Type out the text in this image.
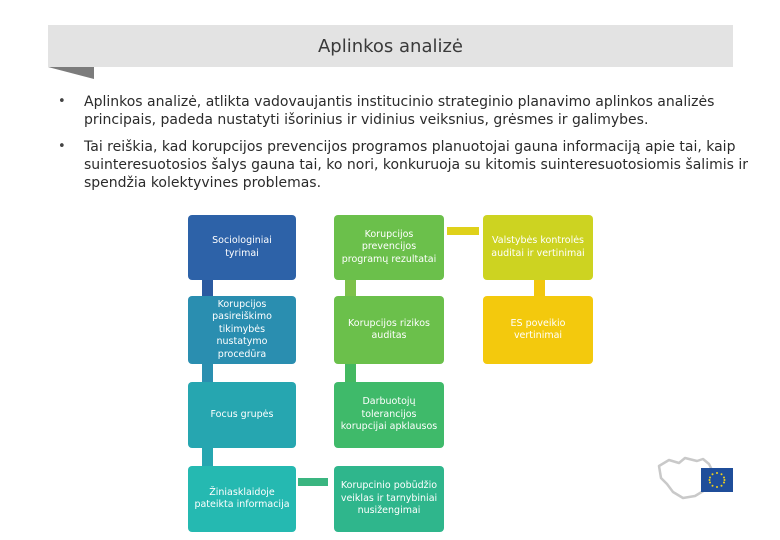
Aplinkos analizė
• Aplinkos analizė, atlikta vadovaujantis institucinio strateginio planavimo aplinkos analizės principais, padeda nustatyti išorinius ir vidinius veiksnius, grėsmes ir galimybes.
• Tai reiškia, kad korupcijos prevencijos programos planuotojai gauna informaciją apie tai, kaip suinteresuotosios šalys gauna tai, ko nori, konkuruoja su kitomis suinteresuotosiomis šalimis ir spendžia kolektyvines problemas.
Sociologiniai tyrimai
Korupcijos pasireiškimo tikimybės nustatymo procedūra
Focus grupės
Žiniasklaidoje pateikta informacija
Korupcijos prevencijos programų rezultatai
Korupcijos rizikos auditas
Darbuotojų tolerancijos korupcijai apklausos
Korupcinio pobūdžio veiklas ir tarnybiniai nusižengimai
Valstybės kontrolės auditai ir vertinimai
ES poveikio vertinimai
